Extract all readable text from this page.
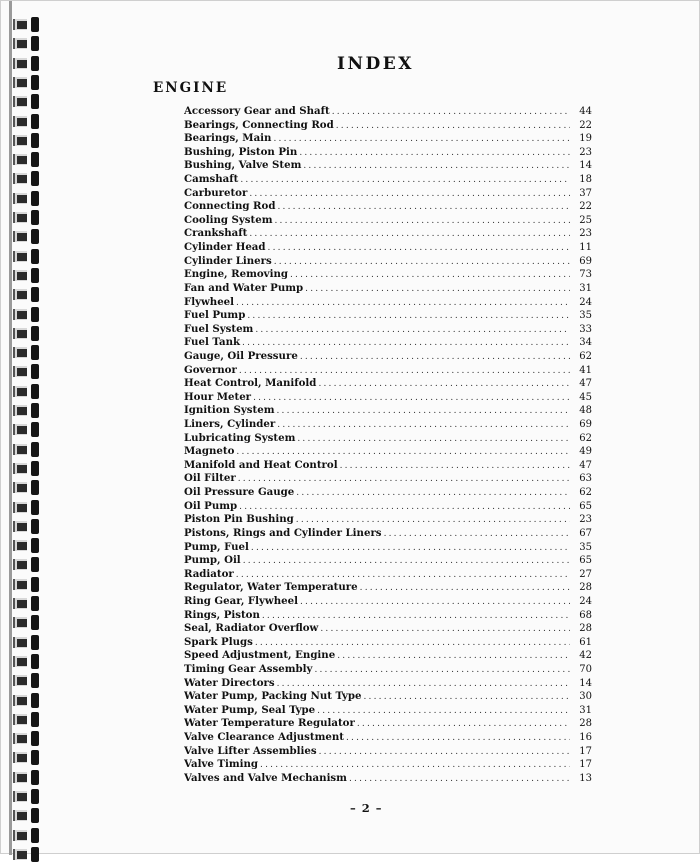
INDEX
ENGINE
Accessory Gear and Shaft .....	44
Bearings, Connecting Rod .....	22
Bearings, Main .....	19
Bushing, Piston Pin .....	23
Bushing, Valve Stem .....	14
Camshaft .....	18
Carburetor .....	37
Connecting Rod .....	22
Cooling System .....	25
Crankshaft .....	23
Cylinder Head .....	11
Cylinder Liners .....	69
Engine, Removing .....	73
Fan and Water Pump .....	31
Flywheel .....	24
Fuel Pump .....	35
Fuel System .....	33
Fuel Tank .....	34
Gauge, Oil Pressure .....	62
Governor .....	41
Heat Control, Manifold .....	47
Hour Meter .....	45
Ignition System .....	48
Liners, Cylinder .....	69
Lubricating System .....	62
Magneto .....	49
Manifold and Heat Control .....	47
Oil Filter .....	63
Oil Pressure Gauge .....	62
Oil Pump .....	65
Piston Pin Bushing .....	23
Pistons, Rings and Cylinder Liners .....	67
Pump, Fuel .....	35
Pump, Oil .....	65
Radiator .....	27
Regulator, Water Temperature .....	28
Ring Gear, Flywheel .....	24
Rings, Piston .....	68
Seal, Radiator Overflow .....	28
Spark Plugs .....	61
Speed Adjustment, Engine .....	42
Timing Gear Assembly .....	70
Water Directors .....	14
Water Pump, Packing Nut Type .....	30
Water Pump, Seal Type .....	31
Water Temperature Regulator .....	28
Valve Clearance Adjustment .....	16
Valve Lifter Assemblies .....	17
Valve Timing .....	17
Valves and Valve Mechanism .....	13
– 2 –
